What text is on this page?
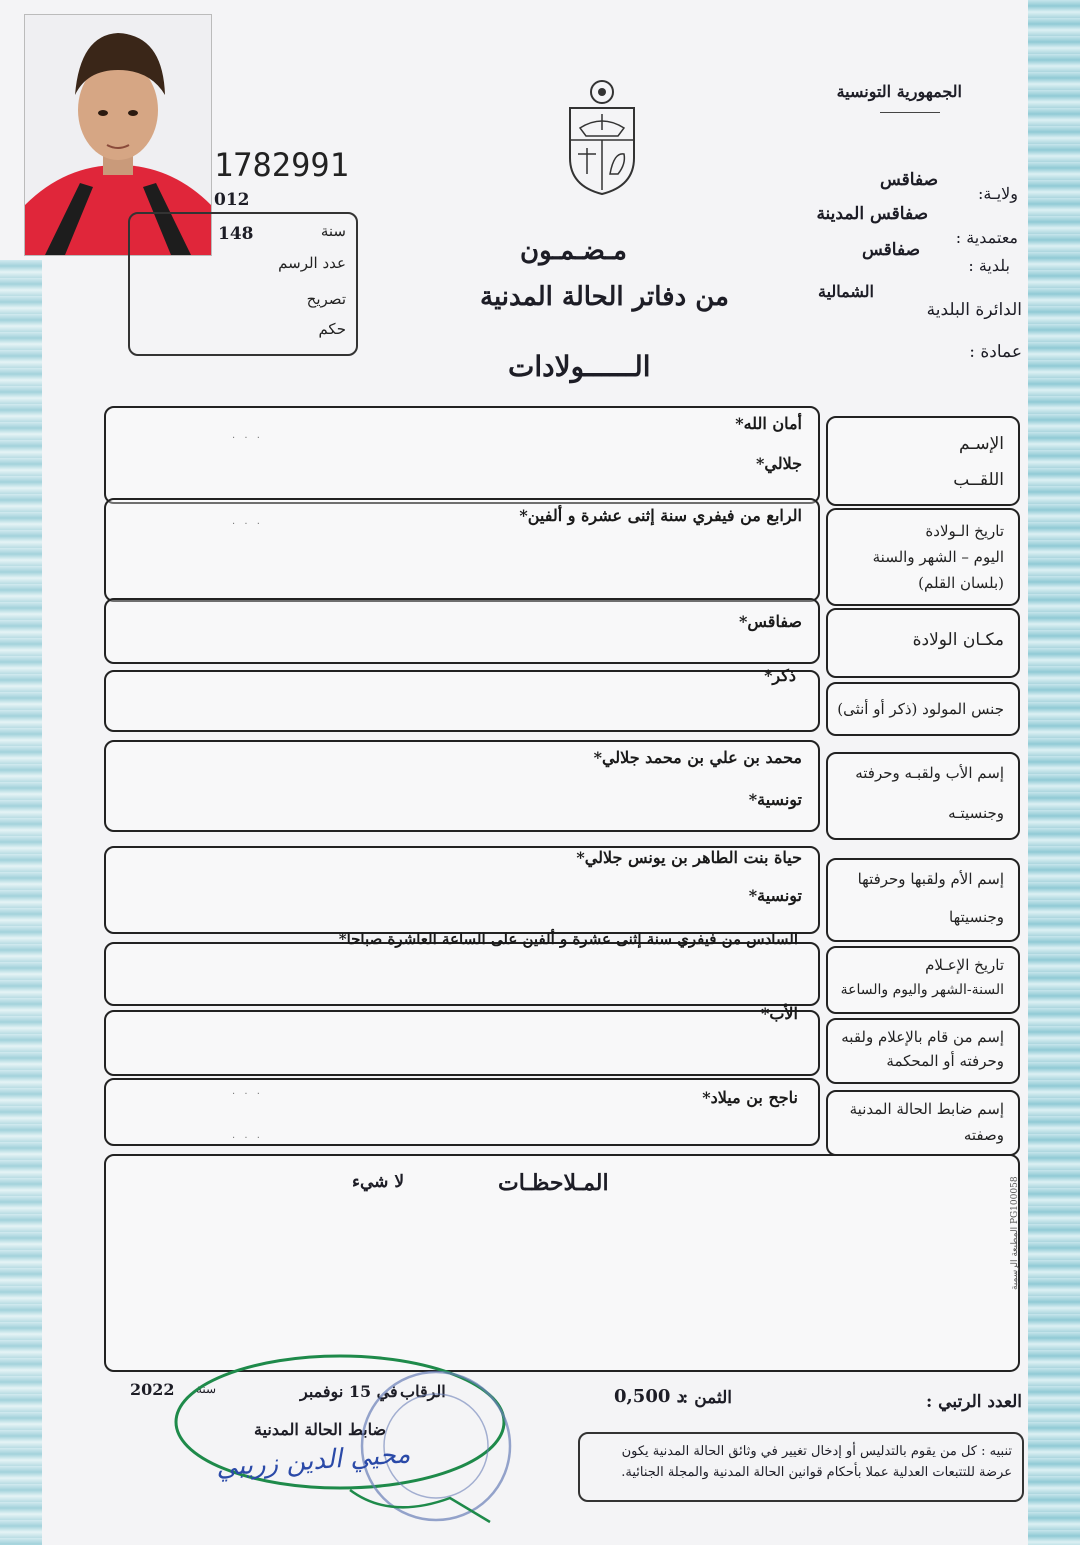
1782991
012
148	سنة
عدد الرسم
تصريح
حكم
الجمهورية التونسية
ولايـة:
صفاقس
صفاقس المدينة
معتمدية :
صفاقس
بلدية :
الشمالية
الدائرة البلدية
عمادة :
مـضـمـون
من دفاتر الحالة المدنية
الــــــولادات
أمان الله*
جلالي*
الإسـم
اللقــب
الرابع من فيفري سنة إثنى عشرة و ألفين*
تاريخ الـولادة
اليوم – الشهر والسنة
(بلسان القلم)
صفاقس*
مكـان الولادة
ذكر*
جنس المولود (ذكر أو أنثى)
محمد بن علي بن محمد جلالي*
تونسية*
إسم الأب ولقبـه وحرفته
وجنسيتـه
حياة بنت الطاهر بن يونس جلالي*
تونسية*
إسم الأم ولقبها وحرفتها
وجنسيتها
السادس من فيفري سنة إثنى عشرة و ألفين على الساعة العاشرة صباحا*
تاريخ الإعـلام
السنة-الشهر واليوم والساعة
الأب*
إسم من قام بالإعلام ولقبه
وحرفته أو المحكمة
ناجح بن ميلاد*
إسم ضابط الحالة المدنية
وصفته
. . .
. . .
. . .
. . .
المـلاحظـات
لا شيء
المطبعة الرسمية PG100058
العدد الرتبي :
الثمن :
0,500 د
الرقاب
في 15 نوفمبر
سنة
2022
ضابط الحالة المدنية
محيي الدين زريبي	تنبيه : كل من يقوم بالتدليس أو إدخال تغيير في وثائق الحالة المدنية يكون عرضة للتتبعات العدلية عملا بأحكام قوانين الحالة المدنية والمجلة الجنائية.
